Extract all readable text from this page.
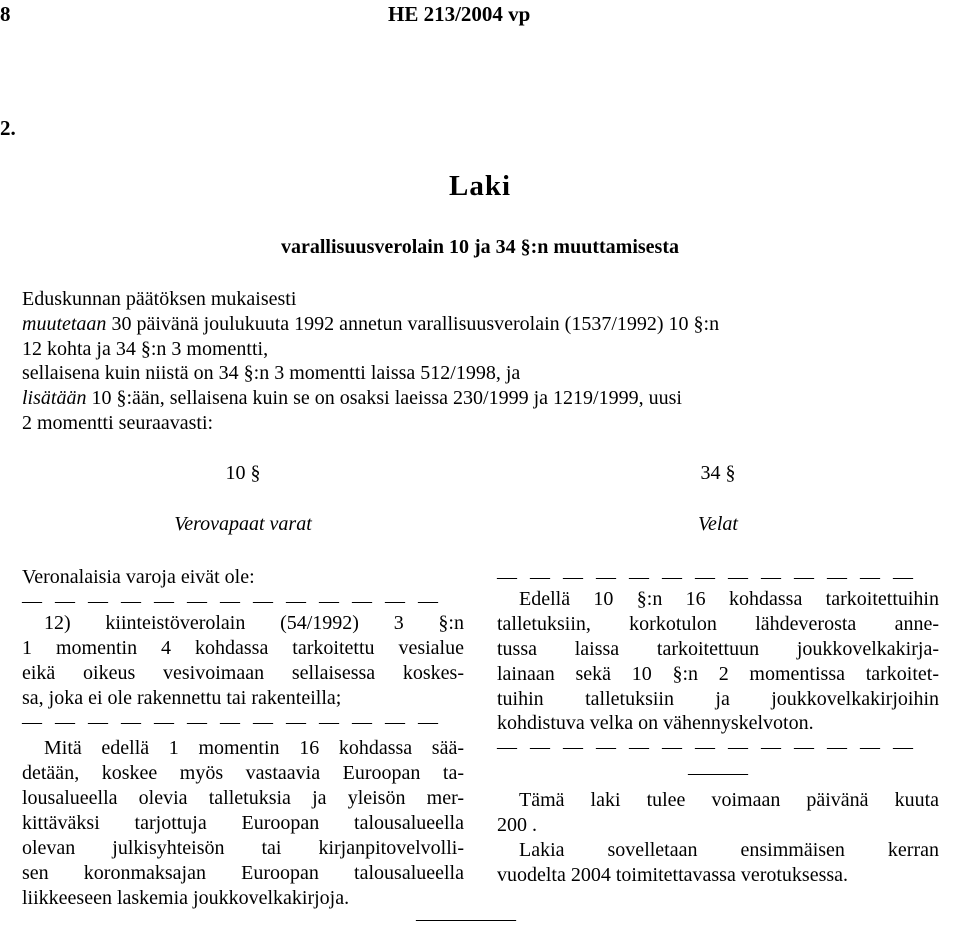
8	HE 213/2004 vp
2.
Laki
varallisuusverolain 10 ja 34 §:n muuttamisesta
Eduskunnan päätöksen mukaisesti
muutetaan 30 päivänä joulukuuta 1992 annetun varallisuusverolain (1537/1992) 10 §:n
12 kohta ja 34 §:n 3 momentti,
sellaisena kuin niistä on 34 §:n 3 momentti laissa 512/1998, ja
lisätään 10 §:ään, sellaisena kuin se on osaksi laeissa 230/1999 ja 1219/1999, uusi
2 momentti seuraavasti:
10 §
Verovapaat varat
Veronalaisia varoja eivät ole:
— — — — — — — — — — — — —
12) kiinteistöverolain (54/1992) 3 §:n
1 momentin 4 kohdassa tarkoitettu vesialue
eikä oikeus vesivoimaan sellaisessa koskes-
sa, joka ei ole rakennettu tai rakenteilla;
— — — — — — — — — — — — —
Mitä edellä 1 momentin 16 kohdassa sää-
detään, koskee myös vastaavia Euroopan ta-
lousalueella olevia talletuksia ja yleisön mer-
kittäväksi tarjottuja Euroopan talousalueella
olevan julkisyhteisön tai kirjanpitovelvolli-
sen koronmaksajan Euroopan talousalueella
liikkeeseen laskemia joukkovelkakirjoja.
34 §
Velat
— — — — — — — — — — — — —
Edellä 10 §:n 16 kohdassa tarkoitettuihin
talletuksiin, korkotulon lähdeverosta anne-
tussa laissa tarkoitettuun joukkovelkakirja-
lainaan sekä 10 §:n 2 momentissa tarkoitet-
tuihin talletuksiin ja joukkovelkakirjoihin
kohdistuva velka on vähennyskelvoton.
— — — — — — — — — — — — —
———
Tämä laki tulee voimaan päivänä kuuta
200 .
Lakia sovelletaan ensimmäisen kerran
vuodelta 2004 toimitettavassa verotuksessa.
—————
